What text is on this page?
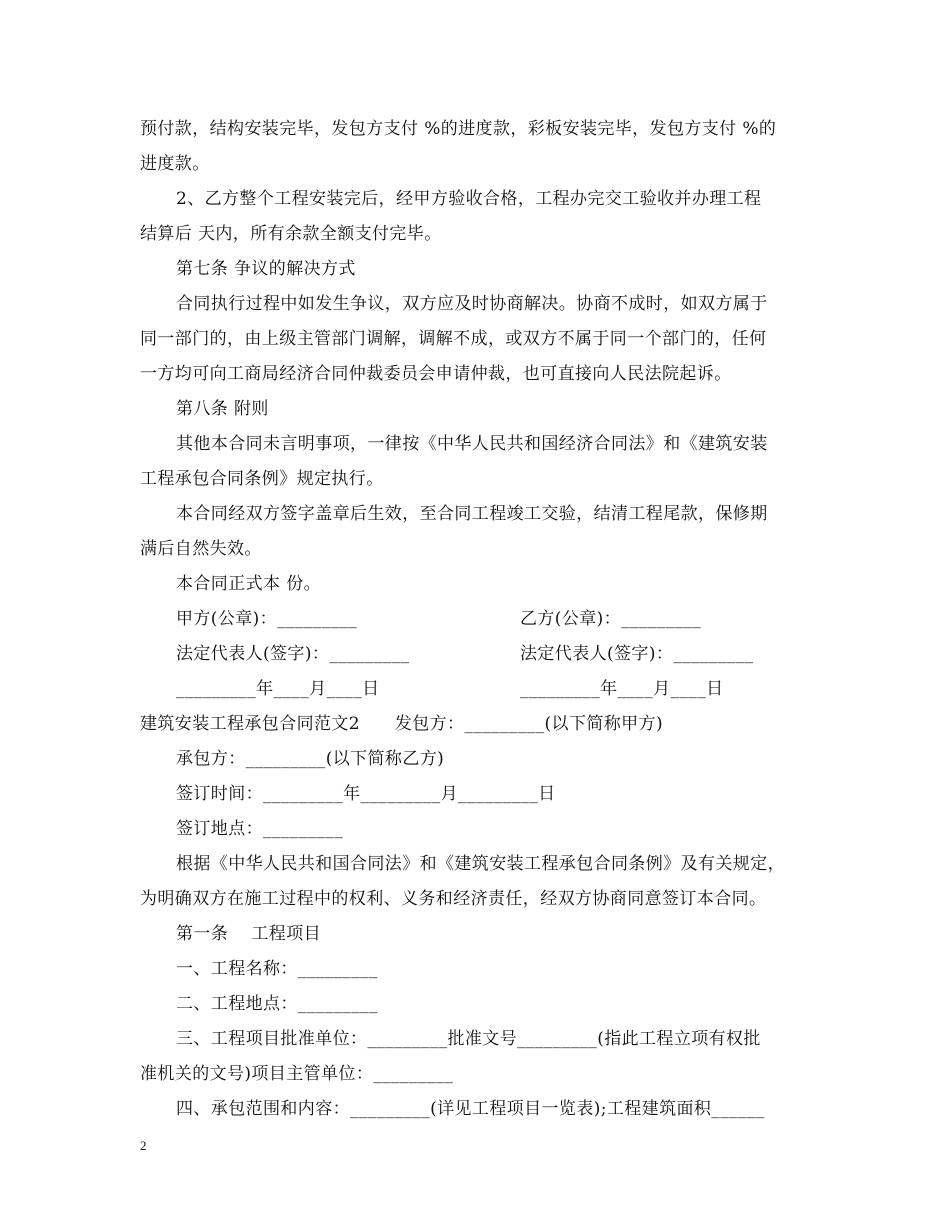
预付款，结构安装完毕，发包方支付 %的进度款，彩板安装完毕，发包方支付 %的
进度款。
2、乙方整个工程安装完后，经甲方验收合格，工程办完交工验收并办理工程
结算后 天内，所有余款全额支付完毕。
第七条 争议的解决方式
合同执行过程中如发生争议，双方应及时协商解决。协商不成时，如双方属于
同一部门的，由上级主管部门调解，调解不成，或双方不属于同一个部门的，任何
一方均可向工商局经济合同仲裁委员会申请仲裁，也可直接向人民法院起诉。
第八条 附则
其他本合同未言明事项，一律按《中华人民共和国经济合同法》和《建筑安装
工程承包合同条例》规定执行。
本合同经双方签字盖章后生效，至合同工程竣工交验，结清工程尾款，保修期
满后自然失效。
本合同正式本 份。
甲方(公章)：_________	乙方(公章)：_________
法定代表人(签字)：_________	法定代表人(签字)：_________
_________年____月____日	_________年____月____日
建筑安装工程承包合同范文2　　发包方：_________(以下简称甲方)
承包方：_________(以下简称乙方)
签订时间：_________年_________月_________日
签订地点：_________
根据《中华人民共和国合同法》和《建筑安装工程承包合同条例》及有关规定，
为明确双方在施工过程中的权利、义务和经济责任，经双方协商同意签订本合同。
第一条　 工程项目
一、工程名称：_________
二、工程地点：_________
三、工程项目批准单位：_________批准文号_________(指此工程立项有权批
准机关的文号)项目主管单位：_________
四、承包范围和内容：_________(详见工程项目一览表);工程建筑面积______
2
